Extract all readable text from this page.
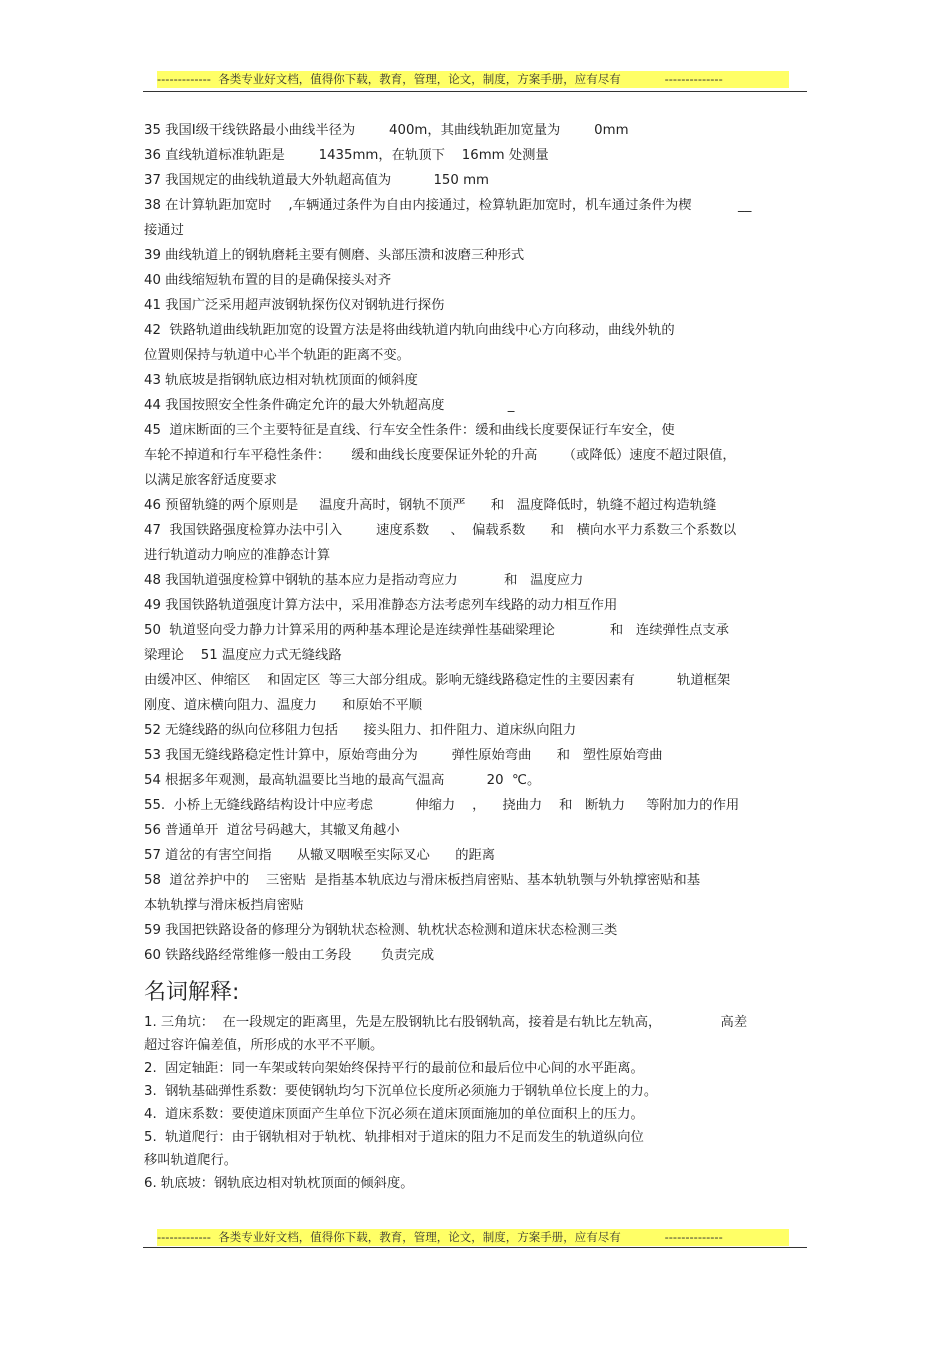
-------------  各类专业好文档，值得你下载，教育，管理，论文，制度，方案手册，应有尽有            --------------
35 我国Ⅰ级干线铁路最小曲线半径为        400m，其曲线轨距加宽量为        0mm
36 直线轨道标准轨距是        1435mm，在轨顶下    16mm 处测量
37 我国规定的曲线轨道最大外轨超高值为          150 mm
38 在计算轨距加宽时    ,车辆通过条件为自由内接通过，检算轨距加宽时，机车通过条件为楔           __
接通过
39 曲线轨道上的钢轨磨耗主要有侧磨、头部压溃和波磨三种形式
40 曲线缩短轨布置的目的是确保接头对齐
41 我国广泛采用超声波钢轨探伤仪对钢轨进行探伤
42  铁路轨道曲线轨距加宽的设置方法是将曲线轨道内轨向曲线中心方向移动，曲线外轨的
位置则保持与轨道中心半个轨距的距离不变。
43 轨底坡是指钢轨底边相对轨枕顶面的倾斜度
44 我国按照安全性条件确定允许的最大外轨超高度               _
45  道床断面的三个主要特征是直线、行车安全性条件：缓和曲线长度要保证行车安全，使
车轮不掉道和行车平稳性条件：     缓和曲线长度要保证外轮的升高      （或降低）速度不超过限值，
以满足旅客舒适度要求
46 预留轨缝的两个原则是     温度升高时，钢轨不顶严      和   温度降低时，轨缝不超过构造轨缝
47  我国铁路强度检算办法中引入        速度系数     、  偏载系数      和   横向水平力系数三个系数以
进行轨道动力响应的准静态计算
48 我国轨道强度检算中钢轨的基本应力是指动弯应力           和   温度应力
49 我国铁路轨道强度计算方法中，采用准静态方法考虑列车线路的动力相互作用
50  轨道竖向受力静力计算采用的两种基本理论是连续弹性基础梁理论             和   连续弹性点支承
梁理论    51 温度应力式无缝线路
由缓冲区、伸缩区    和固定区  等三大部分组成。影响无缝线路稳定性的主要因素有          轨道框架
刚度、道床横向阻力、温度力      和原始不平顺
52 无缝线路的纵向位移阻力包括      接头阻力、扣件阻力、道床纵向阻力
53 我国无缝线路稳定性计算中，原始弯曲分为        弹性原始弯曲      和   塑性原始弯曲
54 根据多年观测，最高轨温要比当地的最高气温高          20  ℃。
55.  小桥上无缝线路结构设计中应考虑          伸缩力    ，    挠曲力    和   断轨力     等附加力的作用
56 普通单开  道岔号码越大，其辙叉角越小
57 道岔的有害空间指      从辙叉咽喉至实际叉心      的距离
58  道岔养护中的    三密贴  是指基本轨底边与滑床板挡肩密贴、基本轨轨颚与外轨撑密贴和基
本轨轨撑与滑床板挡肩密贴
59 我国把铁路设备的修理分为钢轨状态检测、轨枕状态检测和道床状态检测三类
60 铁路线路经常维修一般由工务段       负责完成
名词解释:
1. 三角坑：  在一段规定的距离里，先是左股钢轨比右股钢轨高，接着是右轨比左轨高，              高差
超过容许偏差值，所形成的水平不平顺。
2.  固定轴距：同一车架或转向架始终保持平行的最前位和最后位中心间的水平距离。
3.  钢轨基础弹性系数：要使钢轨均匀下沉单位长度所必须施力于钢轨单位长度上的力。
4.  道床系数：要使道床顶面产生单位下沉必须在道床顶面施加的单位面积上的压力。
5.  轨道爬行：由于钢轨相对于轨枕、轨排相对于道床的阻力不足而发生的轨道纵向位
移叫轨道爬行。
6. 轨底坡：钢轨底边相对轨枕顶面的倾斜度。
-------------  各类专业好文档，值得你下载，教育，管理，论文，制度，方案手册，应有尽有            --------------
